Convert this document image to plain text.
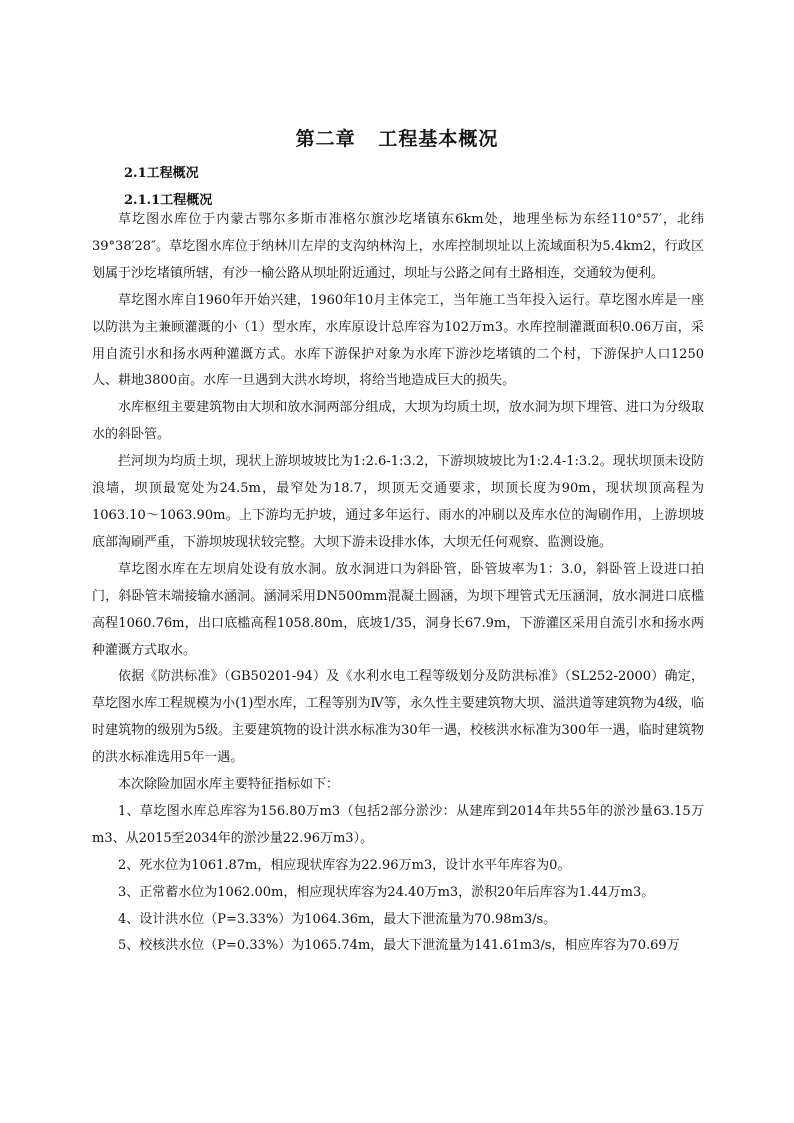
第二章   工程基本概况
2.1工程概况
2.1.1工程概况

草圪图水库位于内蒙古鄂尔多斯市准格尔旗沙圪堵镇东6km处，地理坐标为东经110°57′，北纬39°38′28″。草圪图水库位于纳林川左岸的支沟纳林沟上，水库控制坝址以上流域面积为5.4km2，行政区划属于沙圪堵镇所辖，有沙一榆公路从坝址附近通过，坝址与公路之间有土路相连，交通较为便利。

草圪图水库自1960年开始兴建，1960年10月主体完工，当年施工当年投入运行。草圪图水库是一座以防洪为主兼顾灌溉的小（1）型水库，水库原设计总库容为102万m3。水库控制灌溉面积0.06万亩，采用自流引水和扬水两种灌溉方式。水库下游保护对象为水库下游沙圪堵镇的二个村，下游保护人口1250人、耕地3800亩。水库一旦遇到大洪水垮坝，将给当地造成巨大的损失。

水库枢纽主要建筑物由大坝和放水洞两部分组成，大坝为均质土坝，放水洞为坝下埋管、进口为分级取水的斜卧管。

拦河坝为均质土坝，现状上游坝坡坡比为1:2.6-1:3.2，下游坝坡坡比为1:2.4-1:3.2。现状坝顶未设防浪墙，坝顶最宽处为24.5m，最窄处为18.7，坝顶无交通要求，坝顶长度为90m，现状坝顶高程为1063.10～1063.90m。上下游均无护坡，通过多年运行、雨水的冲刷以及库水位的淘刷作用，上游坝坡底部淘刷严重，下游坝坡现状较完整。大坝下游未设排水体，大坝无任何观察、监测设施。

草圪图水库在左坝肩处设有放水洞。放水洞进口为斜卧管，卧管坡率为1：3.0，斜卧管上设进口拍门，斜卧管末端接输水涵洞。涵洞采用DN500mm混凝土圆涵，为坝下埋管式无压涵洞，放水洞进口底槛高程1060.76m，出口底槛高程1058.80m，底坡1/35，洞身长67.9m，下游灌区采用自流引水和扬水两种灌溉方式取水。

依据《防洪标准》（GB50201-94）及《水利水电工程等级划分及防洪标准》（SL252-2000）确定，草圪图水库工程规模为小(1)型水库，工程等别为Ⅳ等，永久性主要建筑物大坝、溢洪道等建筑物为4级，临时建筑物的级别为5级。主要建筑物的设计洪水标准为30年一遇，校核洪水标准为300年一遇，临时建筑物的洪水标准选用5年一遇。

本次除险加固水库主要特征指标如下：

1、草圪图水库总库容为156.80万m3（包括2部分淤沙：从建库到2014年共55年的淤沙量63.15万m3、从2015至2034年的淤沙量22.96万m3）。

2、死水位为1061.87m，相应现状库容为22.96万m3，设计水平年库容为0。

3、正常蓄水位为1062.00m，相应现状库容为24.40万m3，淤积20年后库容为1.44万m3。

4、设计洪水位（P=3.33%）为1064.36m，最大下泄流量为70.98m3/s。

5、校核洪水位（P=0.33%）为1065.74m，最大下泄流量为141.61m3/s，相应库容为70.69万
